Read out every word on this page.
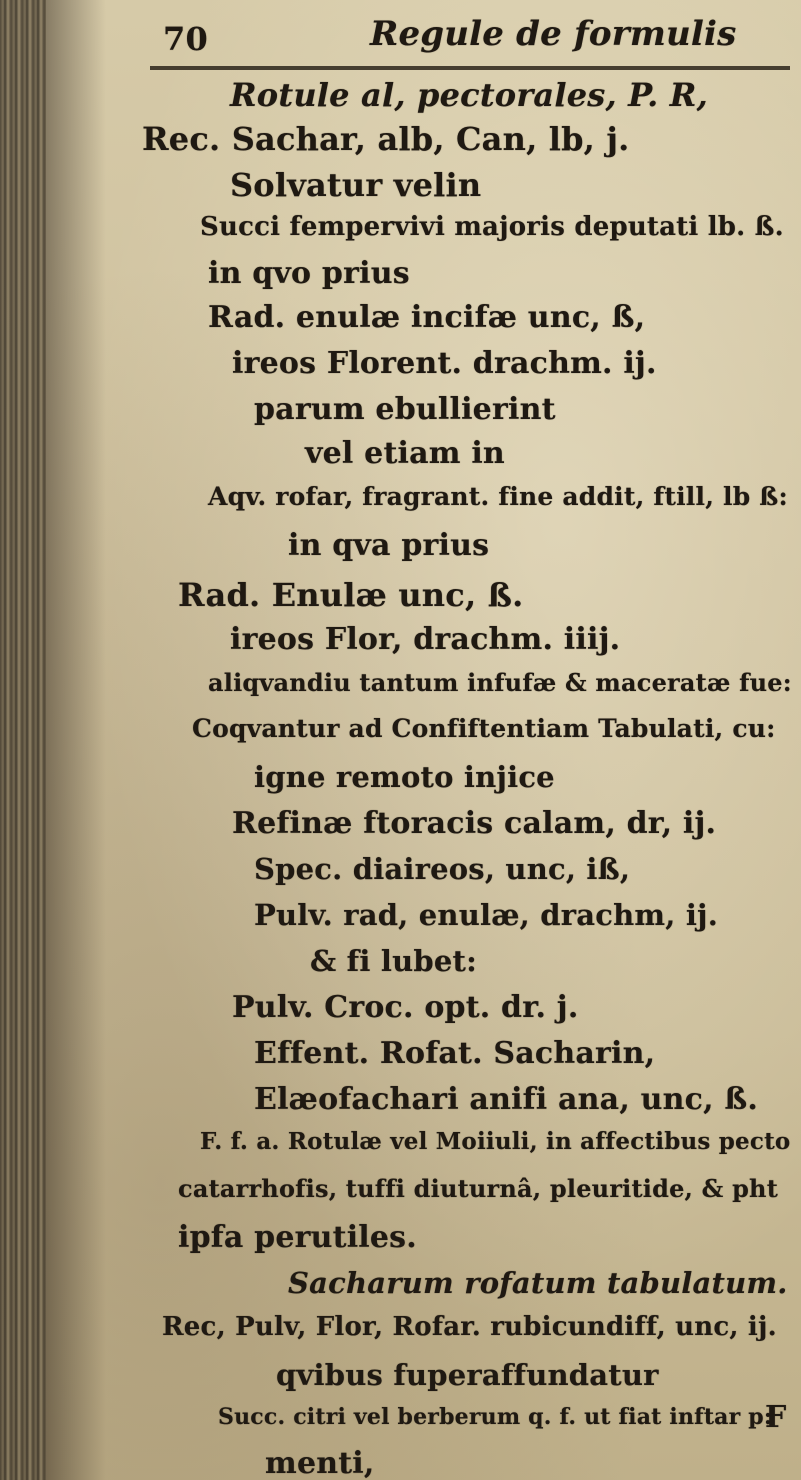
70	Regule de formulis
Rotule al, pectorales, P. R,
Rec. Sachar, alb, Can, lb, j.
Solvatur velin
Succi fempervivi majoris deputati lb. ß.
in qvo prius
Rad. enulæ incifæ unc, ß,
ireos Florent. drachm. ij.
parum ebullierint
vel etiam in
Aqv. rofar, fragrant. fine addit, ftill, lb ß:
in qva prius
Rad. Enulæ unc, ß.
ireos Flor, drachm. iiij.
aliqvandiu tantum infufæ & maceratæ fue:
Coqvantur ad Confiftentiam Tabulati, cu:
igne remoto injice
Refinæ ftoracis calam, dr, ij.
Spec. diaireos, unc, iß,
Pulv. rad, enulæ, drachm, ij.
& fi lubet:
Pulv. Croc. opt. dr. j.
Effent. Rofat. Sacharin,
Elæofachari anifi ana, unc, ß.
F. f. a. Rotulæ vel Moiiuli, in affectibus pecto
catarrhofis, tuffi diuturnâ, pleuritide, & pht
ipfa perutiles.
Sacharum rofatum tabulatum.
Rec, Pulv, Flor, Rofar. rubicundiff, unc, ij.
qvibus fuperaffundatur
Succ. citri vel berberum q. f. ut fiat inftar p:
menti,
F
